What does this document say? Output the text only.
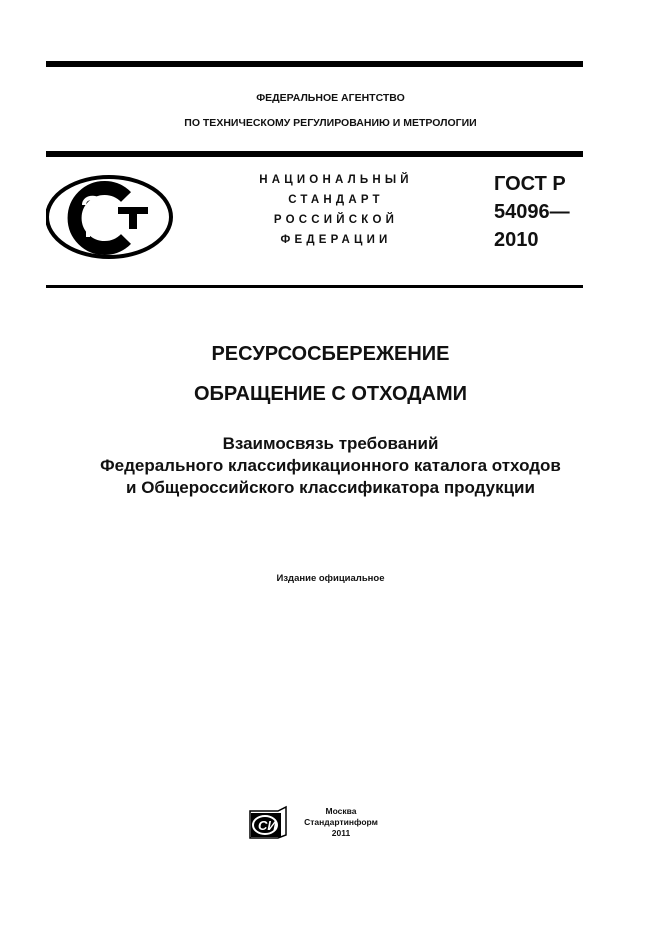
ФЕДЕРАЛЬНОЕ АГЕНТСТВО
ПО ТЕХНИЧЕСКОМУ РЕГУЛИРОВАНИЮ И МЕТРОЛОГИИ
НАЦИОНАЛЬНЫЙ
СТАНДАРТ
РОССИЙСКОЙ
ФЕДЕРАЦИИ
ГОСТ Р
54096—
2010
РЕСУРСОСБЕРЕЖЕНИЕ
ОБРАЩЕНИЕ С ОТХОДАМИ
Взаимосвязь требований
Федерального классификационного каталога отходов
и Общероссийского классификатора продукции
Издание официальное
СИ
Москва
Стандартинформ
2011
